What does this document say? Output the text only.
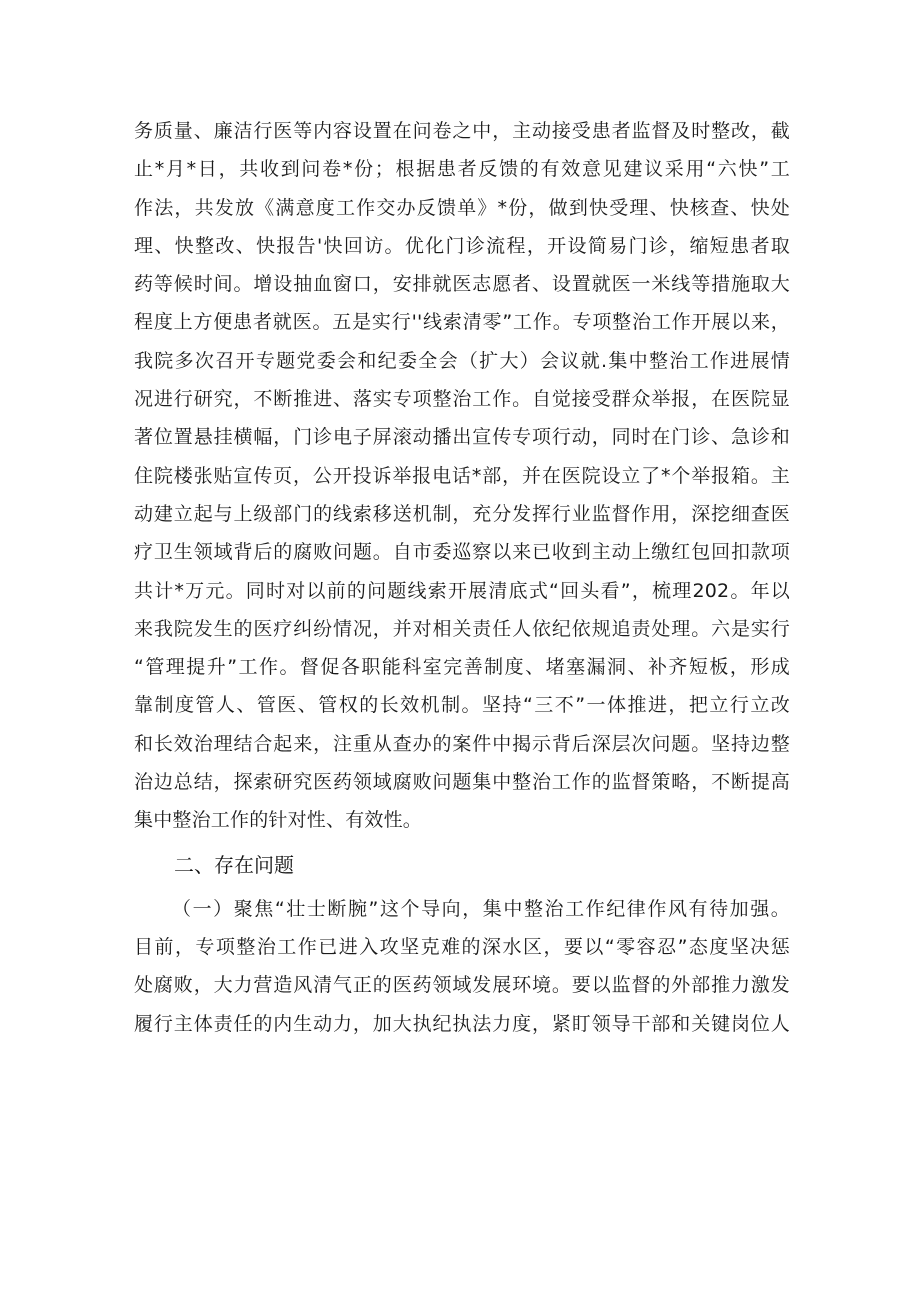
务质量、廉洁行医等内容设置在问卷之中，主动接受患者监督及时整改，截
止*月*日，共收到问卷*份；根据患者反馈的有效意见建议采用“六快”工
作法，共发放《满意度工作交办反馈单》*份，做到快受理、快核查、快处
理、快整改、快报告'快回访。优化门诊流程，开设简易门诊，缩短患者取
药等候时间。增设抽血窗口，安排就医志愿者、设置就医一米线等措施取大
程度上方便患者就医。五是实行''线索清零”工作。专项整治工作开展以来，
我院多次召开专题党委会和纪委全会（扩大）会议就.集中整治工作进展情
况进行研究，不断推进、落实专项整治工作。自觉接受群众举报，在医院显
著位置悬挂横幅，门诊电子屏滚动播出宣传专项行动，同时在门诊、急诊和
住院楼张贴宣传页，公开投诉举报电话*部，并在医院设立了*个举报箱。主
动建立起与上级部门的线索移送机制，充分发挥行业监督作用，深挖细查医
疗卫生领域背后的腐败问题。自市委巡察以来已收到主动上缴红包回扣款项
共计*万元。同时对以前的问题线索开展清底式“回头看”，梳理202。年以
来我院发生的医疗纠纷情况，并对相关责任人依纪依规追责处理。六是实行
“管理提升”工作。督促各职能科室完善制度、堵塞漏洞、补齐短板，形成
靠制度管人、管医、管权的长效机制。坚持“三不”一体推进，把立行立改
和长效治理结合起来，注重从查办的案件中揭示背后深层次问题。坚持边整
治边总结，探索研究医药领域腐败问题集中整治工作的监督策略，不断提高
集中整治工作的针对性、有效性。
二、存在问题
（一）聚焦“壮士断腕”这个导向，集中整治工作纪律作风有待加强。
目前，专项整治工作已进入攻坚克难的深水区，要以“零容忍”态度坚决惩
处腐败，大力营造风清气正的医药领域发展环境。要以监督的外部推力激发
履行主体责任的内生动力，加大执纪执法力度，紧盯领导干部和关键岗位人
